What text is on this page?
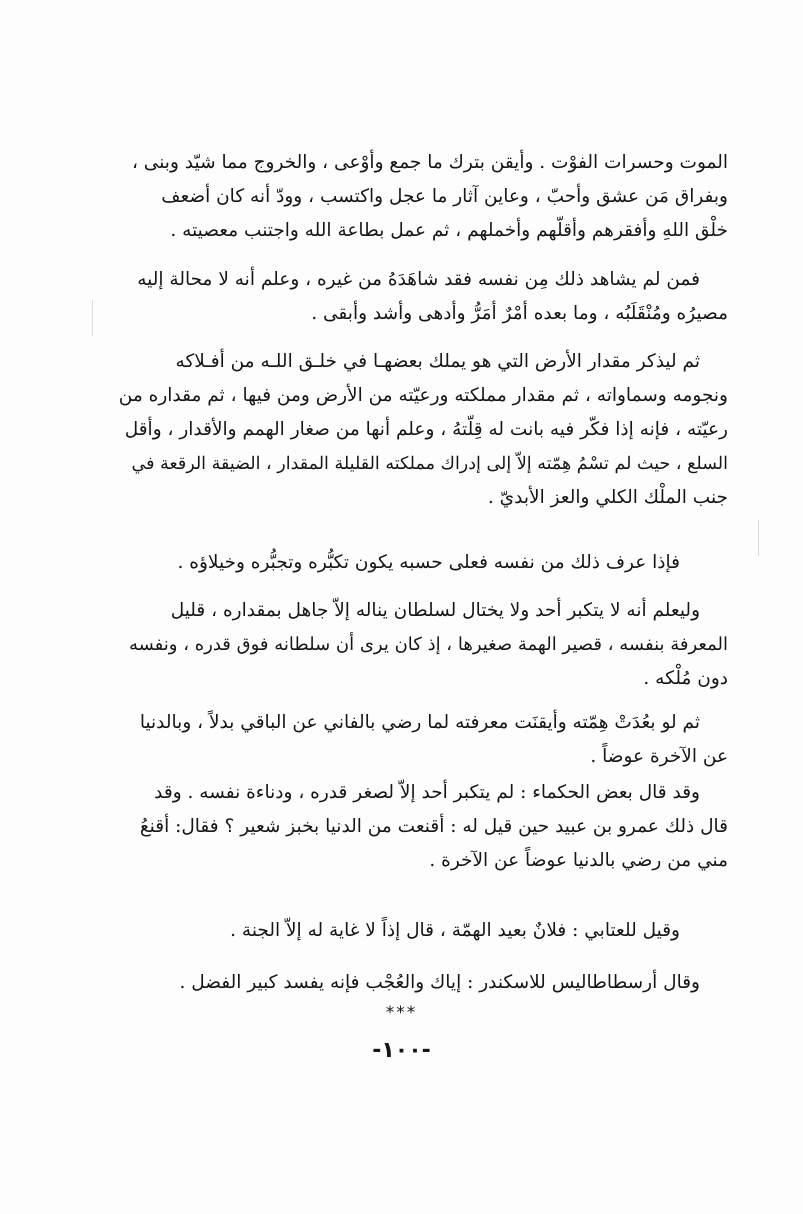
الموت وحسرات الفوْت . وأيقن بترك ما جمع وأوْعى ، والخروج مما شيّد وبنى ،
وبفراق مَن عشق وأحبّ ، وعاين آثار ما عجل واكتسب ، وودّ أنه كان أضعف
خلْق اللهِ وأفقرهم وأقلّهم وأخملهم ، ثم عمل بطاعة الله واجتنب معصيته .

فمن لم يشاهد ذلك مِن نفسه فقد شاهَدَهُ من غيره ، وعلم أنه لا محالة إليه
مصيرُه ومُنْقَلَبُه ، وما بعده أمْرٌ أمَرُّ وأدهى وأشد وأبقى .

ثم ليذكر مقدار الأرض التي هو يملك بعضهـا في خلـق اللـه من أفـلاكه
ونجومه وسماواته ، ثم مقدار مملكته ورعيّته من الأرض ومن فيها ، ثم مقداره من
رعيّته ، فإنه إذا فكّر فيه بانت له قِلّتهُ ، وعلم أنها من صغار الهمم والأقدار ، وأقل
السلع ، حيث لم تسْمُ هِمّته إلاّ إلى إدراك مملكته القليلة المقدار ، الضيقة الرقعة في
جنب الملْك الكلي والعز الأبديّ .

فإذا عرف ذلك من نفسه فعلى حسبه يكون تكبُّره وتجبُّره وخيلاؤه .

وليعلم أنه لا يتكبر أحد ولا يختال لسلطان يناله إلاّ جاهل بمقداره ، قليل
المعرفة بنفسه ، قصير الهمة صغيرها ، إذ كان يرى أن سلطانه فوق قدره ، ونفسه
دون مُلْكه .

ثم لو بعُدَتْ هِمّته وأيقنَت معرفته لما رضي بالفاني عن الباقي بدلاً ، وبالدنيا
عن الآخرة عوضاً .

وقد قال بعض الحكماء : لم يتكبر أحد إلاّ لصغر قدره ، ودناءة نفسه . وقد
قال ذلك عمرو بن عبيد حين قيل له : أقنعت من الدنيا بخبز شعير ؟ فقال: أقنعُ
مني من رضي بالدنيا عوضاً عن الآخرة .

وقيل للعتابي : فلانٌ بعيد الهمّة ، قال إذاً لا غاية له إلاّ الجنة .

وقال أرسطاطاليس للاسكندر : إياك والعُجْب فإنه يفسد كبير الفضل .

***
-١٠٠-
